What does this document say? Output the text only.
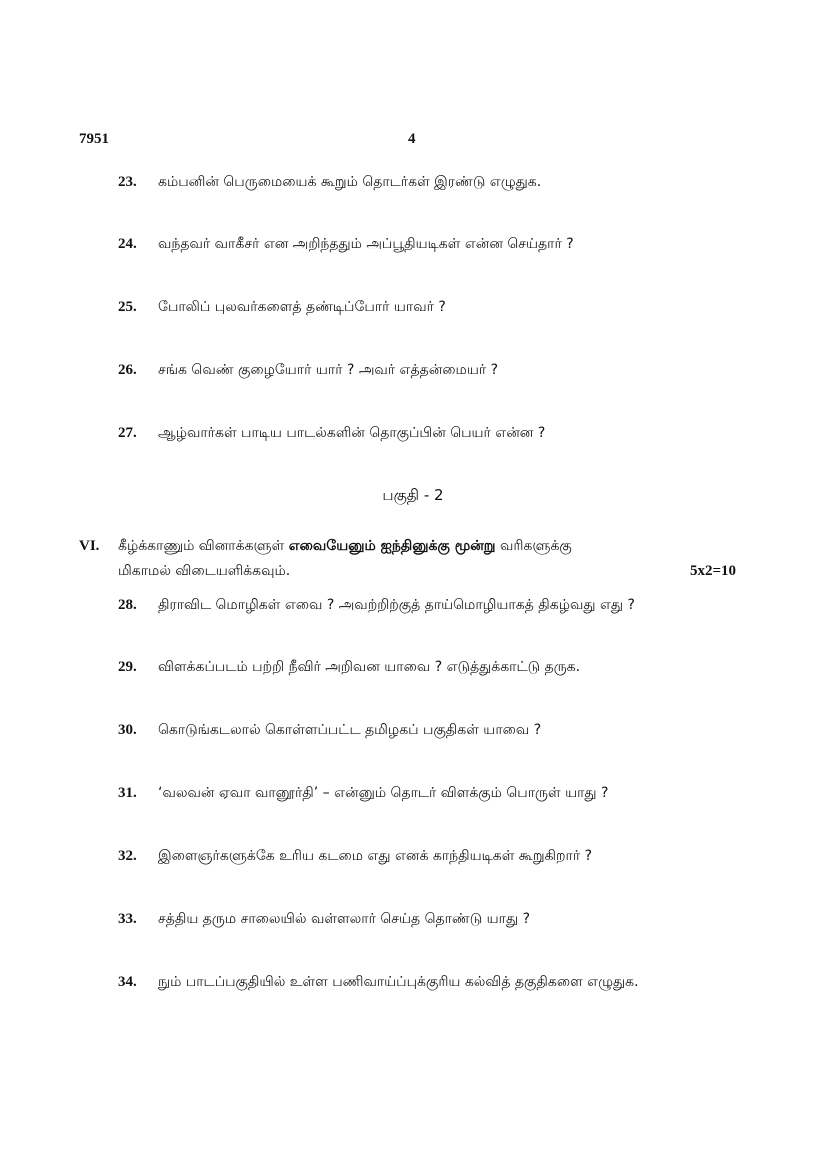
7951	4
23. கம்பனின் பெருமையைக் கூறும் தொடர்கள் இரண்டு எழுதுக.
24. வந்தவர் வாகீசர் என அறிந்ததும் அப்பூதியடிகள் என்ன செய்தார் ?
25. போலிப் புலவர்களைத் தண்டிப்போர் யாவர் ?
26. சங்க வெண் குழையோர் யார் ? அவர் எத்தன்மையர் ?
27. ஆழ்வார்கள் பாடிய பாடல்களின் தொகுப்பின் பெயர் என்ன ?
பகுதி - 2
VI. கீழ்க்காணும் வினாக்களுள் எவையேனும் ஐந்தினுக்கு மூன்று வரிகளுக்கு
மிகாமல் விடையளிக்கவும்.	5x2=10
28. திராவிட மொழிகள் எவை ? அவற்றிற்குத் தாய்மொழியாகத் திகழ்வது எது ?
29. விளக்கப்படம் பற்றி நீவிர் அறிவன யாவை ? எடுத்துக்காட்டு தருக.
30. கொடுங்கடலால் கொள்ளப்பட்ட தமிழகப் பகுதிகள் யாவை ?
31. ‘வலவன் ஏவா வானூர்தி’ – என்னும் தொடர் விளக்கும் பொருள் யாது ?
32. இளைஞர்களுக்கே உரிய கடமை எது எனக் காந்தியடிகள் கூறுகிறார் ?
33. சத்திய தரும சாலையில் வள்ளலார் செய்த தொண்டு யாது ?
34. நும் பாடப்பகுதியில் உள்ள பணிவாய்ப்புக்குரிய கல்வித் தகுதிகளை எழுதுக.
